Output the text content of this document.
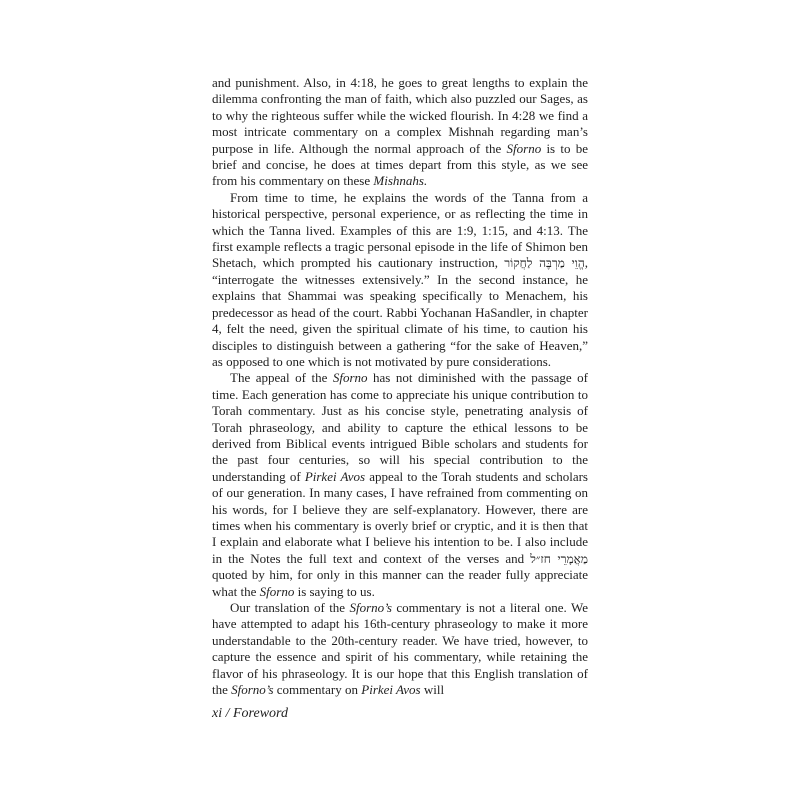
and punishment. Also, in 4:18, he goes to great lengths to explain the dilemma confronting the man of faith, which also puzzled our Sages, as to why the righteous suffer while the wicked flourish. In 4:28 we find a most intricate commentary on a complex Mishnah regarding man’s purpose in life. Although the normal approach of the Sforno is to be brief and concise, he does at times depart from this style, as we see from his commentary on these Mishnahs.

From time to time, he explains the words of the Tanna from a historical perspective, personal experience, or as reflecting the time in which the Tanna lived. Examples of this are 1:9, 1:15, and 4:13. The first example reflects a tragic personal episode in the life of Shimon ben Shetach, which prompted his cautionary instruction, הֱוֵי מַרְבֶּה לַחֲקוֹר, “interrogate the witnesses extensively.” In the second instance, he explains that Shammai was speaking specifically to Menachem, his predecessor as head of the court. Rabbi Yochanan HaSandler, in chapter 4, felt the need, given the spiritual climate of his time, to caution his disciples to distinguish between a gathering “for the sake of Heaven,” as opposed to one which is not motivated by pure considerations.

The appeal of the Sforno has not diminished with the passage of time. Each generation has come to appreciate his unique contribution to Torah commentary. Just as his concise style, penetrating analysis of Torah phraseology, and ability to capture the ethical lessons to be derived from Biblical events intrigued Bible scholars and students for the past four centuries, so will his special contribution to the understanding of Pirkei Avos appeal to the Torah students and scholars of our generation. In many cases, I have refrained from commenting on his words, for I believe they are self-explanatory. However, there are times when his commentary is overly brief or cryptic, and it is then that I explain and elaborate what I believe his intention to be. I also include in the Notes the full text and context of the verses and מַאֲמָרֵי חז״ל quoted by him, for only in this manner can the reader fully appreciate what the Sforno is saying to us.

Our translation of the Sforno’s commentary is not a literal one. We have attempted to adapt his 16th-century phraseology to make it more understandable to the 20th-century reader. We have tried, however, to capture the essence and spirit of his commentary, while retaining the flavor of his phraseology. It is our hope that this English translation of the Sforno’s commentary on Pirkei Avos will

xi / Foreword
